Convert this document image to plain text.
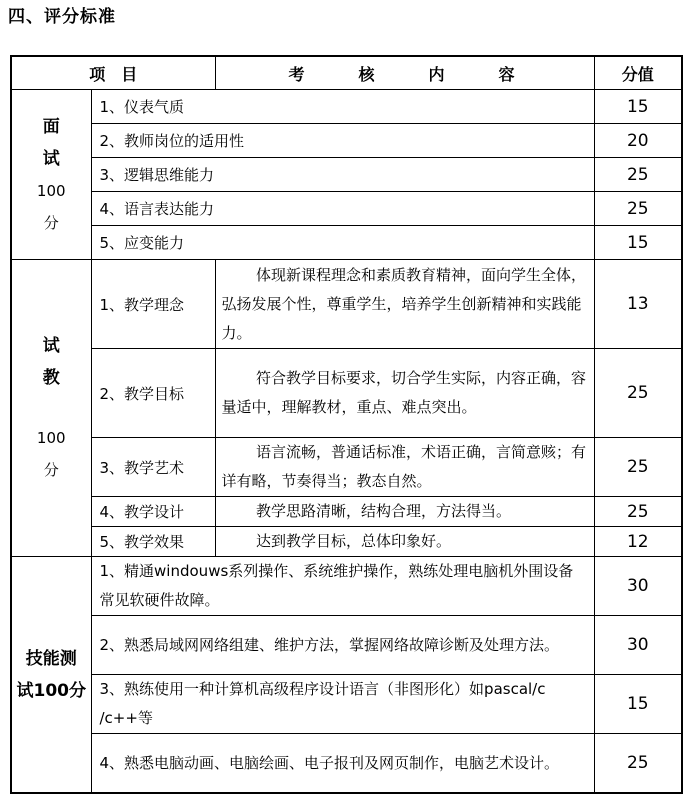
四、评分标准
项　目		考核内容	分值

面
试
100
分	1、仪表气质		15
	2、教师岗位的适用性		20
	3、逻辑思维能力		25
	4、语言表达能力		25
	5、应变能力		15

试
教
100
分	1、教学理念	体现新课程理念和素质教育精神，面向学生全体，弘扬发展个性，尊重学生，培养学生创新精神和实践能力。	13
	2、教学目标	符合教学目标要求，切合学生实际，内容正确，容量适中，理解教材，重点、难点突出。	25
	3、教学艺术	语言流畅，普通话标准，术语正确，言简意赅；有详有略，节奏得当；教态自然。	25
	4、教学设计	教学思路清晰，结构合理，方法得当。	25
	5、教学效果	达到教学目标，总体印象好。	12

技能测
试100分	1、精通windouws系列操作、系统维护操作，熟练处理电脑机外围设备常见软硬件故障。		30
	2、熟悉局域网网络组建、维护方法，掌握网络故障诊断及处理方法。		30
	3、熟练使用一种计算机高级程序设计语言（非图形化）如pascal/c　 /c++等		15
	4、熟悉电脑动画、电脑绘画、电子报刊及网页制作，电脑艺术设计。		25
